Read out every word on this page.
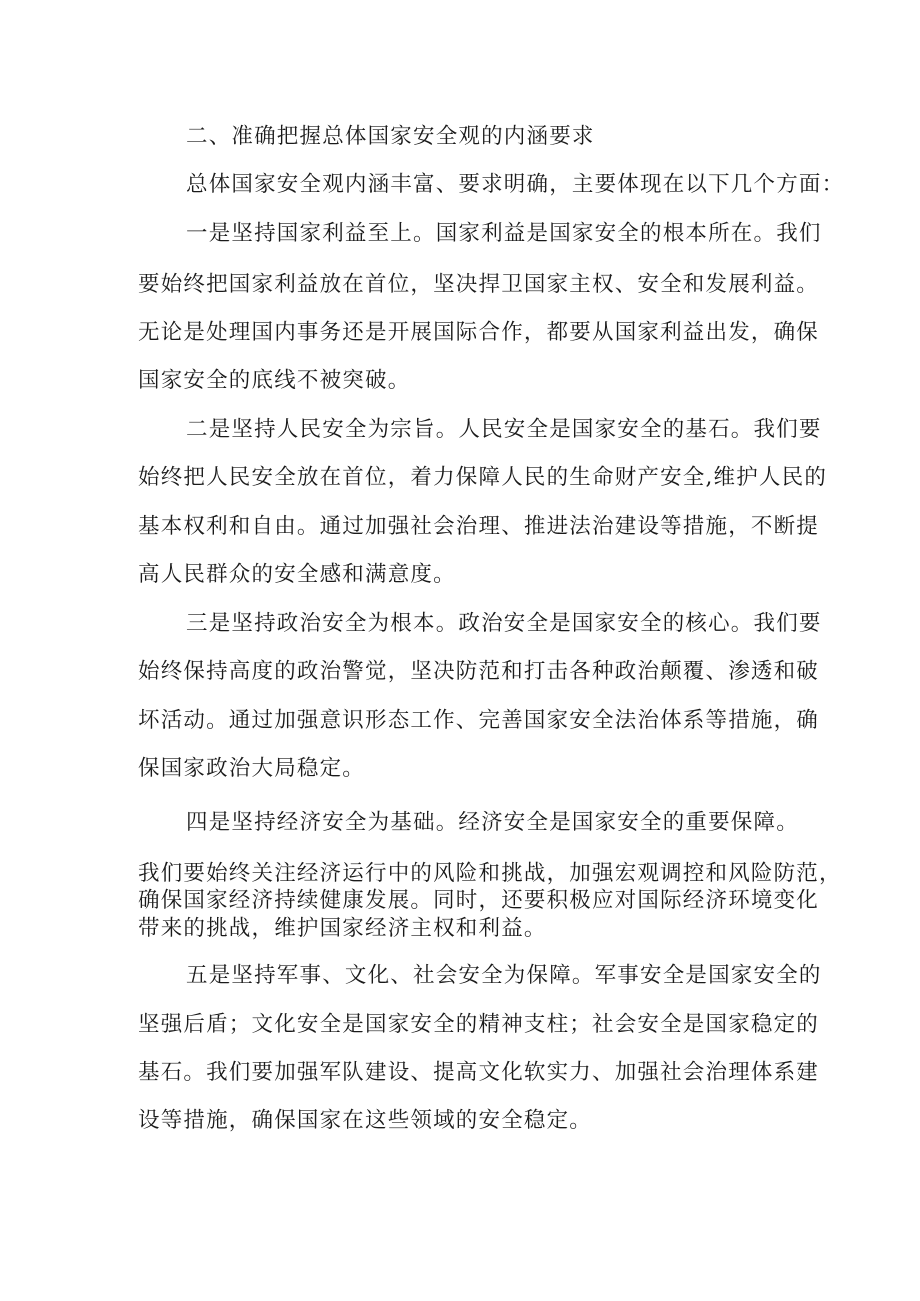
二、准确把握总体国家安全观的内涵要求
总体国家安全观内涵丰富、要求明确，主要体现在以下几个方面：
一是坚持国家利益至上。国家利益是国家安全的根本所在。我们
要始终把国家利益放在首位，坚决捍卫国家主权、安全和发展利益。
无论是处理国内事务还是开展国际合作，都要从国家利益出发，确保
国家安全的底线不被突破。
二是坚持人民安全为宗旨。人民安全是国家安全的基石。我们要
始终把人民安全放在首位，着力保障人民的生命财产安全,维护人民的
基本权利和自由。通过加强社会治理、推进法治建设等措施，不断提
高人民群众的安全感和满意度。
三是坚持政治安全为根本。政治安全是国家安全的核心。我们要
始终保持高度的政治警觉，坚决防范和打击各种政治颠覆、渗透和破
坏活动。通过加强意识形态工作、完善国家安全法治体系等措施，确
保国家政治大局稳定。
四是坚持经济安全为基础。经济安全是国家安全的重要保障。
我们要始终关注经济运行中的风险和挑战，加强宏观调控和风险防范，
确保国家经济持续健康发展。同时，还要积极应对国际经济环境变化
带来的挑战，维护国家经济主权和利益。
五是坚持军事、文化、社会安全为保障。军事安全是国家安全的
坚强后盾；文化安全是国家安全的精神支柱；社会安全是国家稳定的
基石。我们要加强军队建设、提高文化软实力、加强社会治理体系建
设等措施，确保国家在这些领域的安全稳定。
